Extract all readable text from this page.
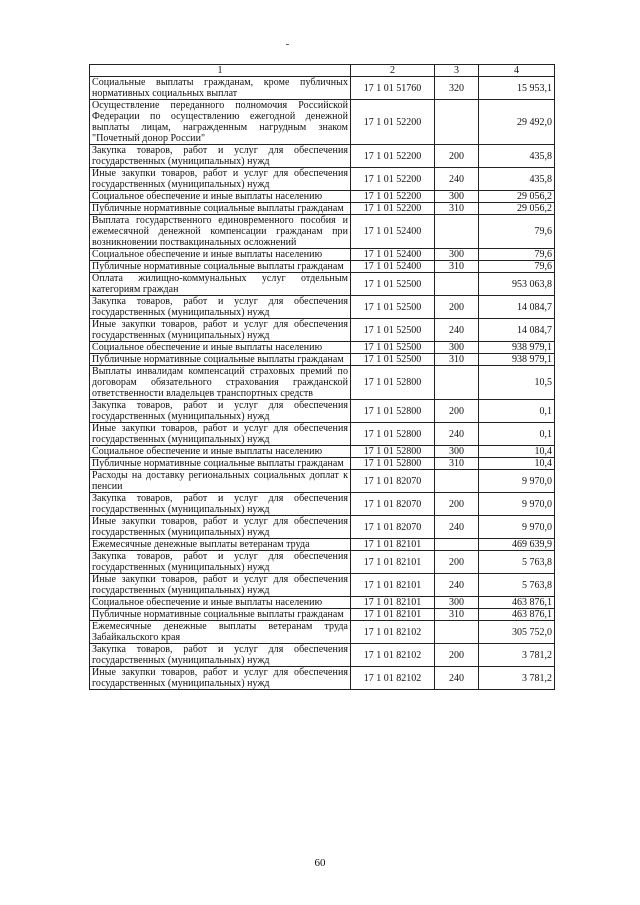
1	2	3	4
Социальные выплаты гражданам, кроме публичных нормативных социальных выплат	17 1 01 51760	320	15 953,1
Осуществление переданного полномочия Российской Федерации по осуществлению ежегодной денежной выплаты лицам, награжденным нагрудным знаком "Почетный донор России"	17 1 01 52200		29 492,0
Закупка товаров, работ и услуг для обеспечения государственных (муниципальных) нужд	17 1 01 52200	200	435,8
Иные закупки товаров, работ и услуг для обеспечения государственных (муниципальных) нужд	17 1 01 52200	240	435,8
Социальное обеспечение и иные выплаты населению	17 1 01 52200	300	29 056,2
Публичные нормативные социальные выплаты гражданам	17 1 01 52200	310	29 056,2
Выплата государственного единовременного пособия и ежемесячной денежной компенсации гражданам при возникновении поствакцинальных осложнений	17 1 01 52400		79,6
Социальное обеспечение и иные выплаты населению	17 1 01 52400	300	79,6
Публичные нормативные социальные выплаты гражданам	17 1 01 52400	310	79,6
Оплата жилищно-коммунальных услуг отдельным категориям граждан	17 1 01 52500		953 063,8
Закупка товаров, работ и услуг для обеспечения государственных (муниципальных) нужд	17 1 01 52500	200	14 084,7
Иные закупки товаров, работ и услуг для обеспечения государственных (муниципальных) нужд	17 1 01 52500	240	14 084,7
Социальное обеспечение и иные выплаты населению	17 1 01 52500	300	938 979,1
Публичные нормативные социальные выплаты гражданам	17 1 01 52500	310	938 979,1
Выплаты инвалидам компенсаций страховых премий по договорам обязательного страхования гражданской ответственности владельцев транспортных средств	17 1 01 52800		10,5
Закупка товаров, работ и услуг для обеспечения государственных (муниципальных) нужд	17 1 01 52800	200	0,1
Иные закупки товаров, работ и услуг для обеспечения государственных (муниципальных) нужд	17 1 01 52800	240	0,1
Социальное обеспечение и иные выплаты населению	17 1 01 52800	300	10,4
Публичные нормативные социальные выплаты гражданам	17 1 01 52800	310	10,4
Расходы на доставку региональных социальных доплат к пенсии	17 1 01 82070		9 970,0
Закупка товаров, работ и услуг для обеспечения государственных (муниципальных) нужд	17 1 01 82070	200	9 970,0
Иные закупки товаров, работ и услуг для обеспечения государственных (муниципальных) нужд	17 1 01 82070	240	9 970,0
Ежемесячные денежные выплаты ветеранам труда	17 1 01 82101		469 639,9
Закупка товаров, работ и услуг для обеспечения государственных (муниципальных) нужд	17 1 01 82101	200	5 763,8
Иные закупки товаров, работ и услуг для обеспечения государственных (муниципальных) нужд	17 1 01 82101	240	5 763,8
Социальное обеспечение и иные выплаты населению	17 1 01 82101	300	463 876,1
Публичные нормативные социальные выплаты гражданам	17 1 01 82101	310	463 876,1
Ежемесячные денежные выплаты ветеранам труда Забайкальского края	17 1 01 82102		305 752,0
Закупка товаров, работ и услуг для обеспечения государственных (муниципальных) нужд	17 1 01 82102	200	3 781,2
Иные закупки товаров, работ и услуг для обеспечения государственных (муниципальных) нужд	17 1 01 82102	240	3 781,2
60
